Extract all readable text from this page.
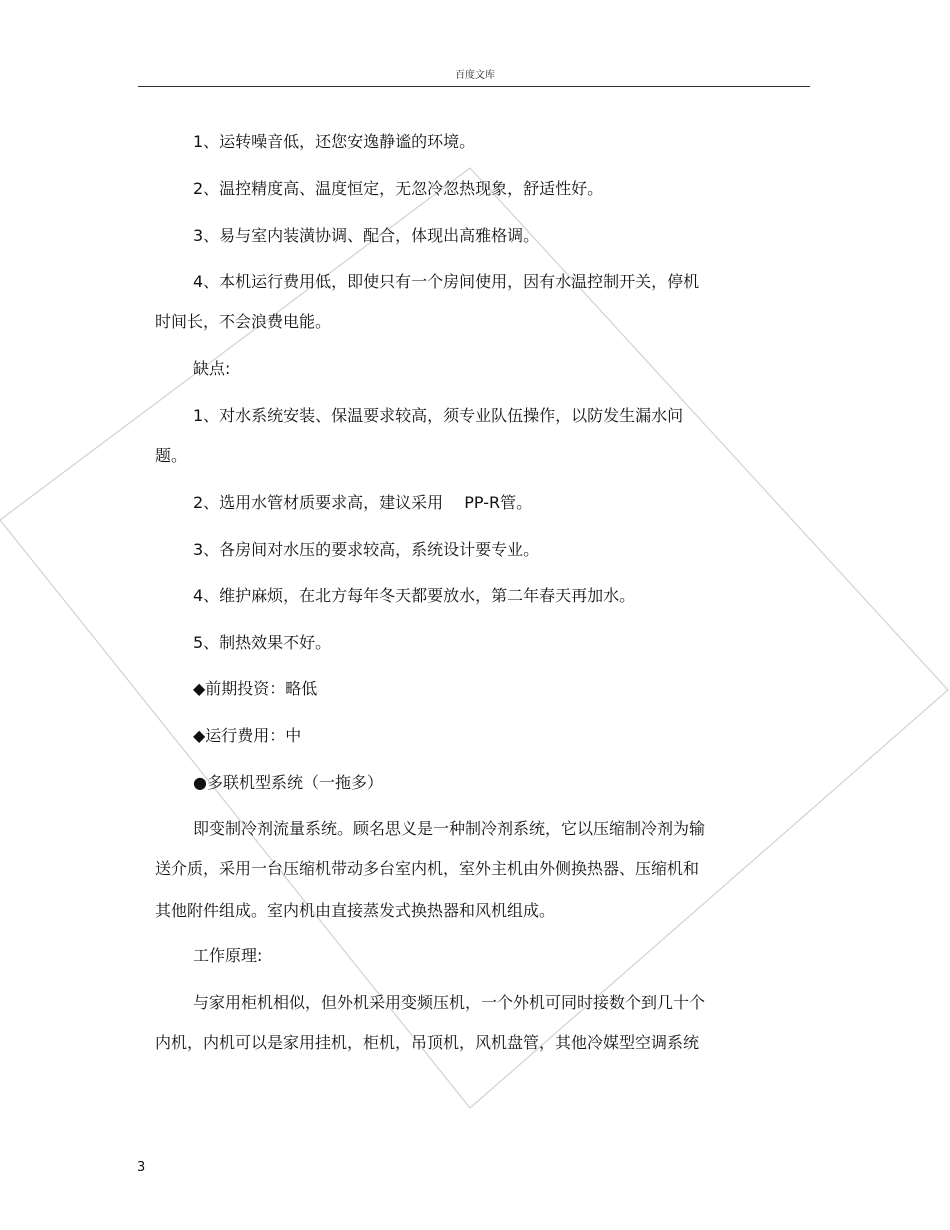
百度文库
1、运转噪音低，还您安逸静谧的环境。
2、温控精度高、温度恒定，无忽冷忽热现象，舒适性好。
3、易与室内装潢协调、配合，体现出高雅格调。
4、本机运行费用低，即使只有一个房间使用，因有水温控制开关，停机
时间长，不会浪费电能。
缺点:
1、对水系统安装、保温要求较高，须专业队伍操作，以防发生漏水问
题。
2、选用水管材质要求高，建议采用　 PP-R管。
3、各房间对水压的要求较高，系统设计要专业。
4、维护麻烦，在北方每年冬天都要放水，第二年春天再加水。
5、制热效果不好。
◆前期投资：略低
◆运行费用：中
●多联机型系统（一拖多）
即变制冷剂流量系统。顾名思义是一种制冷剂系统，它以压缩制冷剂为输
送介质，采用一台压缩机带动多台室内机，室外主机由外侧换热器、压缩机和
其他附件组成。室内机由直接蒸发式换热器和风机组成。
工作原理:
与家用柜机相似，但外机采用变频压机，一个外机可同时接数个到几十个
内机，内机可以是家用挂机，柜机，吊顶机，风机盘管，其他冷媒型空调系统
3
